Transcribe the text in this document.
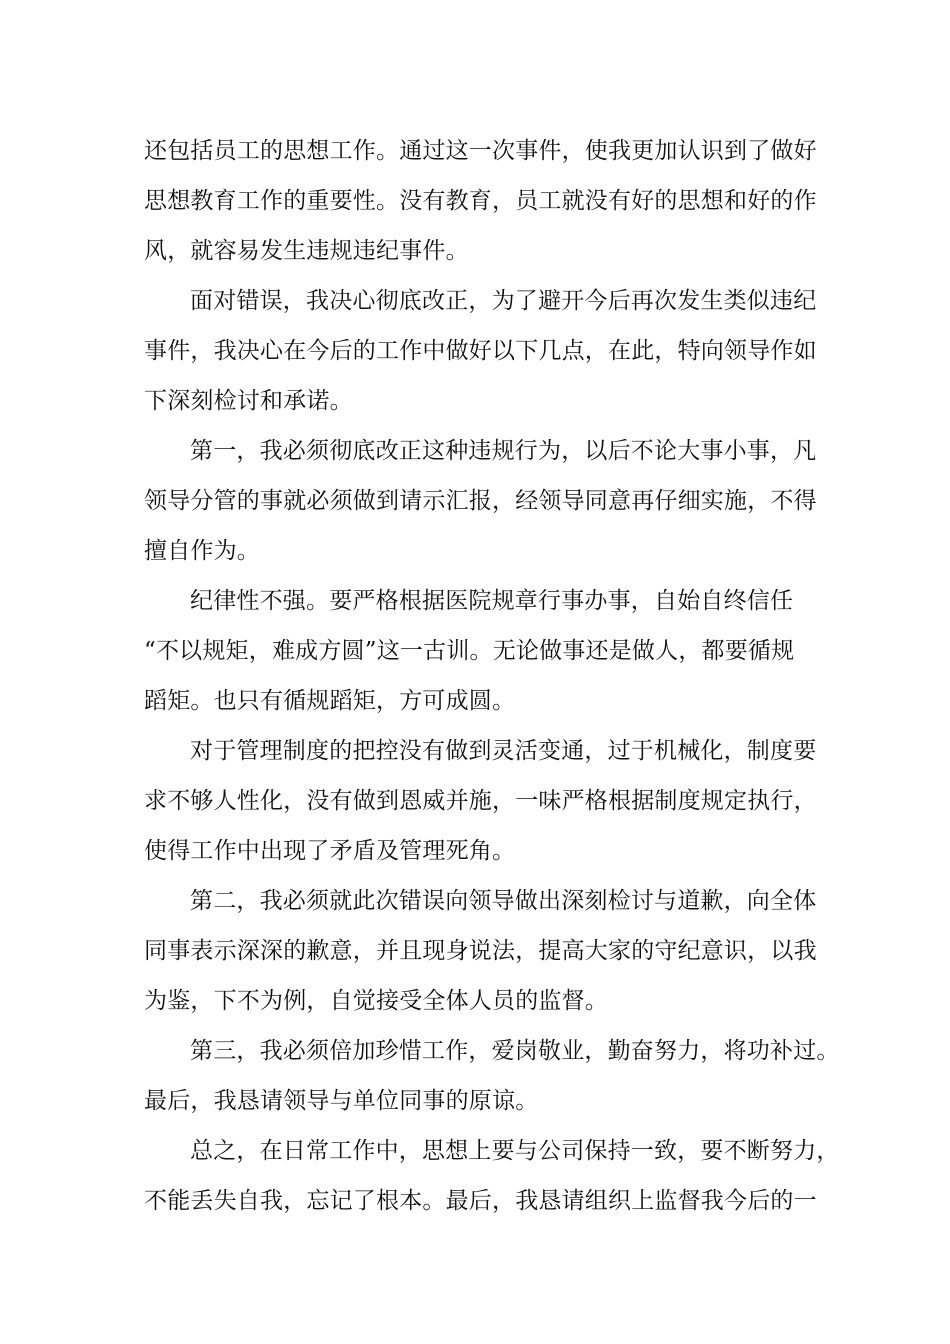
还包括员工的思想工作。通过这一次事件，使我更加认识到了做好
思想教育工作的重要性。没有教育，员工就没有好的思想和好的作
风，就容易发生违规违纪事件。
面对错误，我决心彻底改正，为了避开今后再次发生类似违纪
事件，我决心在今后的工作中做好以下几点，在此，特向领导作如
下深刻检讨和承诺。
第一，我必须彻底改正这种违规行为，以后不论大事小事，凡
领导分管的事就必须做到请示汇报，经领导同意再仔细实施，不得
擅自作为。
纪律性不强。要严格根据医院规章行事办事，自始自终信任
“不以规矩，难成方圆”这一古训。无论做事还是做人，都要循规
蹈矩。也只有循规蹈矩，方可成圆。
对于管理制度的把控没有做到灵活变通，过于机械化，制度要
求不够人性化，没有做到恩威并施，一味严格根据制度规定执行，
使得工作中出现了矛盾及管理死角。
第二，我必须就此次错误向领导做出深刻检讨与道歉，向全体
同事表示深深的歉意，并且现身说法，提高大家的守纪意识，以我
为鉴，下不为例，自觉接受全体人员的监督。
第三，我必须倍加珍惜工作，爱岗敬业，勤奋努力，将功补过。
最后，我恳请领导与单位同事的原谅。
总之，在日常工作中，思想上要与公司保持一致，要不断努力，
不能丢失自我，忘记了根本。最后，我恳请组织上监督我今后的一
